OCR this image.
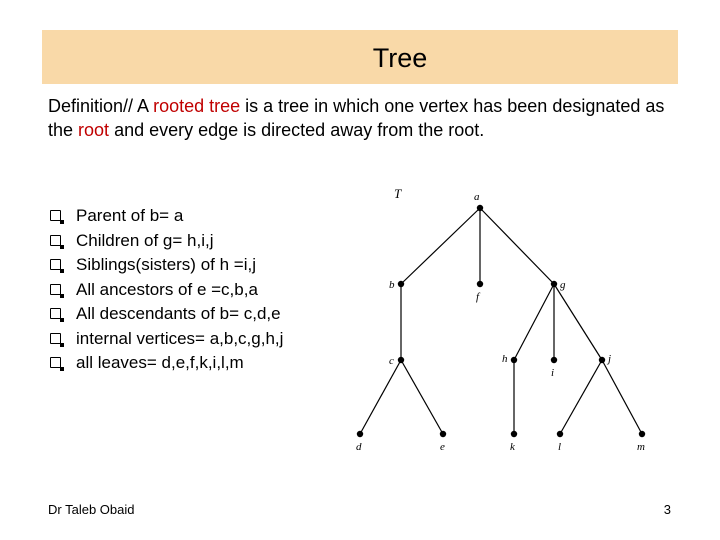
Tree
Definition// A rooted tree is a tree in which one vertex has been designated as the root and every edge is directed away from the root.
Parent of b= a
Children of g= h,i,j
Siblings(sisters) of h =i,j
All ancestors of e =c,b,a
All descendants of b= c,d,e
internal vertices= a,b,c,g,h,j
all leaves= d,e,f,k,i,l,m
T	a
b
f
g
c	h
i
j
d	e	k	l	m
Dr Taleb Obaid	3
